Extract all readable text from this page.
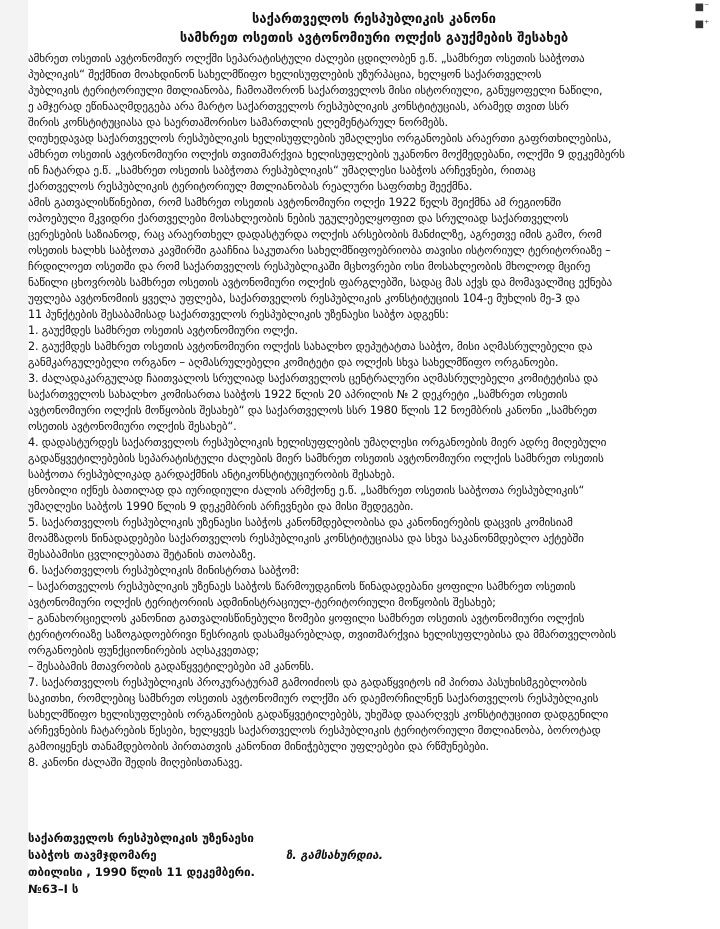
■⁻
■⁺
საქართველოს რესპუბლიკის კანონი
სამხრეთ ოსეთის ავტონომიური ოლქის გაუქმების შესახებ
ამხრეთ ოსეთის ავტონომიურ ოლქში სეპარატისტული ძალები ცდილობენ ე.წ. „სამხრეთ ოსეთის საბჭოთა
პუბლიკის“ შექმნით მოახდინონ სახელმწიფო ხელისუფლების უზურპაცია, ხელყონ საქართველოს
პუბლიკის ტერიტორიული მთლიანობა, ჩამოაშორონ საქართველოს მისი ისტორიული, განუყოფელი ნაწილი,
ე ამჯერად ეწინააღმდეგება არა მარტო საქართველოს რესპუბლიკის კონსტიტუციას, არამედ თვით სსრ
შირის კონსტიტუციასა და საერთაშორისო სამართლის ელემენტარულ ნორმებს.
ღიუხედავად საქართველოს რესპუბლიკის ხელისუფლების უმაღლესი ორგანოების არაერთი გაფრთხილებისა,
ამხრეთ ოსეთის ავტონომიური ოლქის თვითმარქვია ხელისუფლების უკანონო მოქმედებანი, ოლქში 9 დეკემბერს
ინ ჩატარდა ე.წ. „სამხრეთ ოსეთის საბჭოთა რესპუბლიკის“ უმაღლესი საბჭოს არჩევნები, რითაც
ქართველოს რესპუბლიკის ტერიტორიულ მთლიანობას რეალური საფრთხე შეექმნა.
ამის გათვალისწინებით, რომ სამხრეთ ოსეთის ავტონომიური ოლქი 1922 წელს შეიქმნა ამ რეგიონში
ოპოებული მკვიდრი ქართველები მოსახლეობის ნების უგულებელყოფით და სრულიად საქართველოს
ცერესების საზიანოდ, რაც არაერთხელ დადასტურდა ოლქის არსებობის მანძილზე, აგრეთვე იმის გამო, რომ
ოსეთის ხალხს საბჭოთა კავშირში გააჩნია საკუთარი სახელმწიფოებრიობა თავისი ისტორიულ ტერიტორიაზე –
ჩრდილოეთ ოსეთში და რომ საქართველოს რესპუბლიკაში მცხოვრები ოსი მოსახლეობის მხოლოდ მცირე
ნაწილი ცხოვრობს სამხრეთ ოსეთის ავტონომიური ოლქის ფარგლებში, სადაც მას აქვს და მომავალშიც ექნება
უფლება ავტონომიის ყველა უფლება, საქართველოს რესპუბლიკის კონსტიტუციის 104-ე მუხლის მე-3 და
11 პუნქტების შესაბამისად საქართველოს რესპუბლიკის უზენაესი საბჭო ადგენს:
1. გაუქმდეს სამხრეთ ოსეთის ავტონომიური ოლქი.
2. გაუქმდეს სამხრეთ ოსეთის ავტონომიური ოლქის სახალხო დეპუტატთა საბჭო, მისი აღმასრულებელი და
განმკარგულებელი ორგანო – აღმასრულებელი კომიტეტი და ოლქის სხვა სახელმწიფო ორგანოები.
3. ძალადაკარგულად ჩაითვალოს სრულიად საქართველოს ცენტრალური აღმასრულებელი კომიტეტისა და
საქართველოს სახალხო კომისართა საბჭოს 1922 წლის 20 აპრილის № 2 დეკრეტი „სამხრეთ ოსეთის
ავტონომიური ოლქის მოწყობის შესახებ“ და საქართველოს სსრ 1980 წლის 12 ნოემბრის კანონი „სამხრეთ
ოსეთის ავტონომიური ოლქის შესახებ“.
4. დადასტურდეს საქართველოს რესპუბლიკის ხელისუფლების უმაღლესი ორგანოების მიერ ადრე მიღებული
გადაწყვეტილებების სეპარატისტული ძალების მიერ სამხრეთ ოსეთის ავტონომიური ოლქის სამხრეთ ოსეთის
საბჭოთა რესპუბლიკად გარდაქმნის ანტიკონსტიტუციურობის შესახებ.
ცნობილი იქნეს ბათილად და იურიდიული ძალის არმქონე ე.წ. „სამხრეთ ოსეთის საბჭოთა რესპუბლიკის“
უმაღლესი საბჭოს 1990 წლის 9 დეკემბრის არჩევნები და მისი შედეგები.
5. საქართველოს რესპუბლიკის უზენაესი საბჭოს კანონმდებლობისა და კანონიერების დაცვის კომისიამ
მოამზადოს წინადადებები საქართველოს რესპუბლიკის კონსტიტუციასა და სხვა საკანონმდებლო აქტებში
შესაბამისი ცვლილებათა შეტანის თაობაზე.
6. საქართველოს რესპუბლიკის მინისტრთა საბჭომ:
– საქართველოს რესპუბლიკის უზენაეს საბჭოს წარმოუდგინოს წინადადებანი ყოფილი სამხრეთ ოსეთის
ავტონომიური ოლქის ტერიტორიის ადმინისტრაციულ-ტერიტორიული მოწყობის შესახებ;
– განახორციელოს კანონით გათვალისწინებული ზომები ყოფილი სამხრეთ ოსეთის ავტონომიური ოლქის
ტერიტორიაზე საზოგადოებრივი წესრიგის დასამყარებლად, თვითმარქვია ხელისუფლებისა და მმართველობის
ორგანოების ფუნქციონირების აღსაკვეთად;
– შესაბამის მთავრობის გადაწყვეტილებები ამ კანონს.
7. საქართველოს რესპუბლიკის პროკურატურამ გამოიძიოს და გადაწყვიტოს იმ პირთა პასუხისმგებლობის
საკითხი, რომლებიც სამხრეთ ოსეთის ავტონომიურ ოლქში არ დაემორჩილნენ საქართველოს რესპუბლიკის
სახელმწიფო ხელისუფლების ორგანოების გადაწყვეტილებებს, უხეშად დაარღვეს კონსტიტუციით დადგენილი
არჩევნების ჩატარების წესები, ხელყვეს საქართველოს რესპუბლიკის ტერიტორიული მთლიანობა, ბოროტად
გამოიყენეს თანამდებობის პირთათვის კანონით მინიჭებული უფლებები და რწმუნებები.
8. კანონი ძალაში შედის მიღებისთანავე.
საქართველოს რესპუბლიკის უზენაესი
საბჭოს თავმჯდომარე	ზ. გამსახურდია.
თბილისი , 1990 წლის 11 დეკემბერი.
№63–I ს
